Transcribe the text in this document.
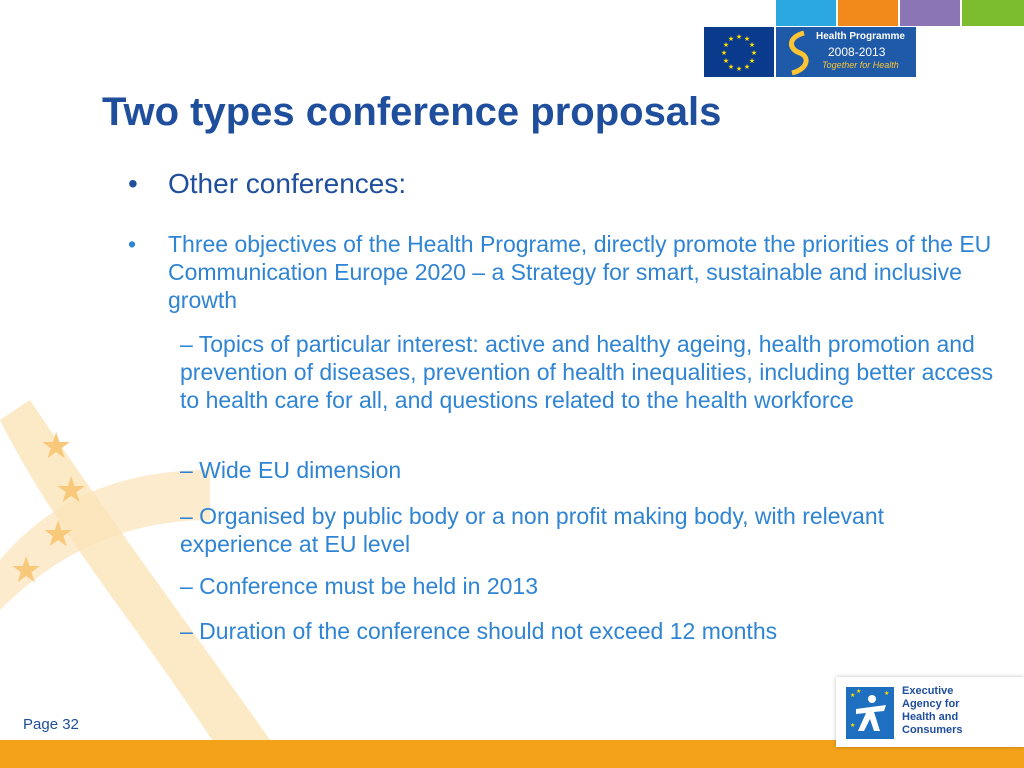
★
★
★
★
★ ★
★
★
★
★
★
★
★
★
★
★	Health Programme
2008-2013
Together for Health
Two types conference proposals
• Other conferences:
• Three objectives of the Health Programe, directly promote the priorities of the EU Communication Europe 2020 – a Strategy for smart, sustainable and inclusive growth
– Topics of particular interest: active and healthy ageing, health promotion and prevention of diseases, prevention of health inequalities, including better access to health care for all, and questions related to the health workforce
– Wide EU dimension
– Organised by public body or a non profit making body, with relevant experience at EU level
– Conference must be held in 2013
– Duration of the conference should not exceed 12 months
Page 32
★
★	★
★
Executive
Agency for
Health and
Consumers
